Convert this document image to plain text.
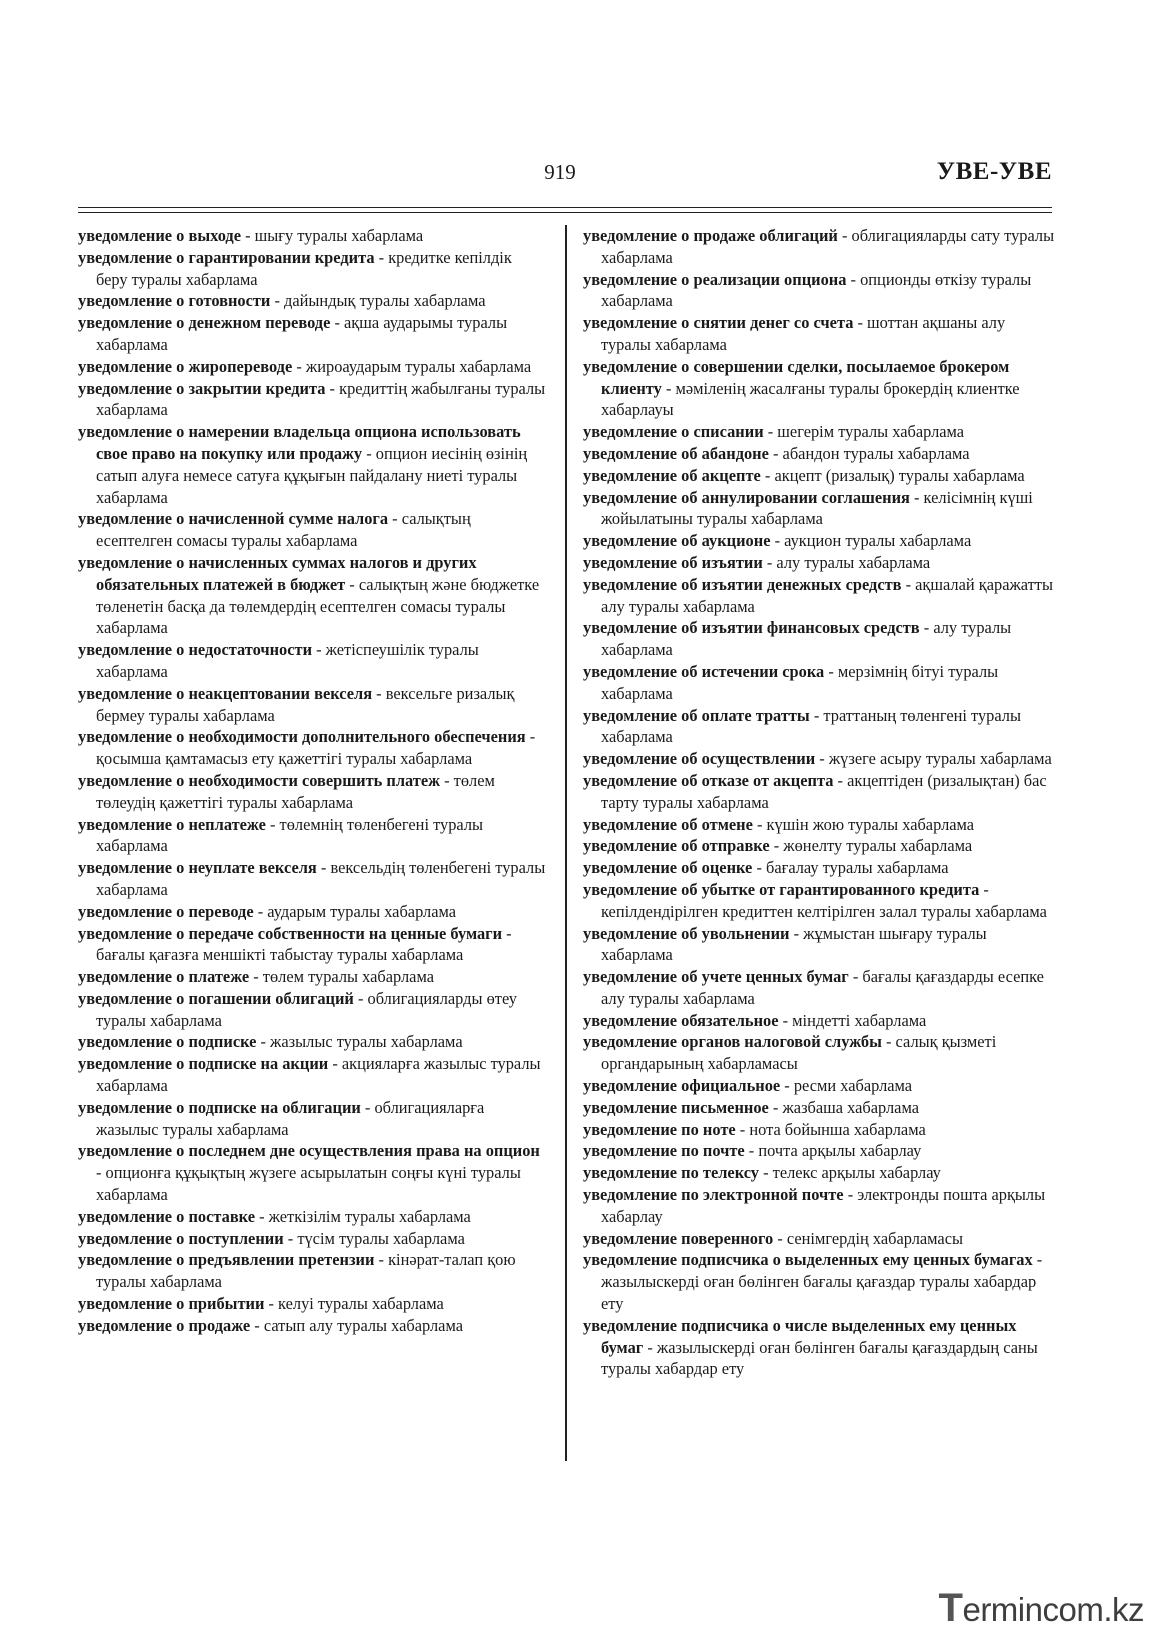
919	УВЕ-УВЕ
уведомление о выходе - шығу туралы хабарлама
уведомление о гарантировании кредита - кредитке кепілдік беру туралы хабарлама
уведомление о готовности - дайындық туралы хабарлама
уведомление о денежном переводе - ақша аударымы туралы хабарлама
уведомление о жиропереводе - жироаударым туралы хабарлама
уведомление о закрытии кредита - кредиттің жабылғаны туралы хабарлама
уведомление о намерении владельца опциона использовать свое право на покупку или продажу - опцион иесінің өзінің сатып алуға немесе сатуға құқығын пайдалану ниеті туралы хабарлама
уведомление о начисленной сумме налога - салықтың есептелген сомасы туралы хабарлама
уведомление о начисленных суммах налогов и других обязательных платежей в бюджет - салықтың және бюджетке төленетін басқа да төлемдердің есептелген сомасы туралы хабарлама
уведомление о недостаточности - жетіспеушілік туралы хабарлама
уведомление о неакцептовании векселя - вексельге ризалық бермеу туралы хабарлама
уведомление о необходимости дополнительного обеспечения - қосымша қамтамасыз ету қажеттігі туралы хабарлама
уведомление о необходимости совершить платеж - төлем төлеудің қажеттігі туралы хабарлама
уведомление о неплатеже - төлемнің төленбегені туралы хабарлама
уведомление о неуплате векселя - вексельдің төленбегені туралы хабарлама
уведомление о переводе - аударым туралы хабарлама
уведомление о передаче собственности на ценные бумаги - бағалы қағазға меншікті табыстау туралы хабарлама
уведомление о платеже - төлем туралы хабарлама
уведомление о погашении облигаций - облигацияларды өтеу туралы хабарлама
уведомление о подписке - жазылыс туралы хабарлама
уведомление о подписке на акции - акцияларға жазылыс туралы хабарлама
уведомление о подписке на облигации - облигацияларға жазылыс туралы хабарлама
уведомление о последнем дне осуществления права на опцион - опционға құқықтың жүзеге асырылатын соңғы күні туралы хабарлама
уведомление о поставке - жеткізілім туралы хабарлама
уведомление о поступлении - түсім туралы хабарлама
уведомление о предъявлении претензии - кінәрат-талап қою туралы хабарлама
уведомление о прибытии - келуі туралы хабарлама
уведомление о продаже - сатып алу туралы хабарлама
уведомление о продаже облигаций - облигацияларды сату туралы хабарлама
уведомление о реализации опциона - опционды өткізу туралы хабарлама
уведомление о снятии денег со счета - шоттан ақшаны алу туралы хабарлама
уведомление о совершении сделки, посылаемое брокером клиенту - мәміленің жасалғаны туралы брокердің клиентке хабарлауы
уведомление о списании - шегерім туралы хабарлама
уведомление об абандоне - абандон туралы хабарлама
уведомление об акцепте - акцепт (ризалық) туралы хабарлама
уведомление об аннулировании соглашения - келісімнің күші жойылатыны туралы хабарлама
уведомление об аукционе - аукцион туралы хабарлама
уведомление об изъятии - алу туралы хабарлама
уведомление об изъятии денежных средств - ақшалай қаражатты алу туралы хабарлама
уведомление об изъятии финансовых средств - алу туралы хабарлама
уведомление об истечении срока - мерзімнің бітуі туралы хабарлама
уведомление об оплате тратты - траттаның төленгені туралы хабарлама
уведомление об осуществлении - жүзеге асыру туралы хабарлама
уведомление об отказе от акцепта - акцептіден (ризалықтан) бас тарту туралы хабарлама
уведомление об отмене - күшін жою туралы хабарлама
уведомление об отправке - жөнелту туралы хабарлама
уведомление об оценке - бағалау туралы хабарлама
уведомление об убытке от гарантированного кредита - кепілдендірілген кредиттен келтірілген залал туралы хабарлама
уведомление об увольнении - жұмыстан шығару туралы хабарлама
уведомление об учете ценных бумаг - бағалы қағаздарды есепке алу туралы хабарлама
уведомление обязательное - міндетті хабарлама
уведомление органов налоговой службы - салық қызметі органдарының хабарламасы
уведомление официальное - ресми хабарлама
уведомление письменное - жазбаша хабарлама
уведомление по ноте - нота бойынша хабарлама
уведомление по почте - почта арқылы хабарлау
уведомление по телексу - телекс арқылы хабарлау
уведомление по электронной почте - электронды пошта арқылы хабарлау
уведомление поверенного - сенімгердің хабарламасы
уведомление подписчика о выделенных ему ценных бумагах - жазылыскерді оған бөлінген бағалы қағаздар туралы хабардар ету
уведомление подписчика о числе выделенных ему ценных бумаг - жазылыскерді оған бөлінген бағалы қағаздардың саны туралы хабардар ету
Termincom.kz
